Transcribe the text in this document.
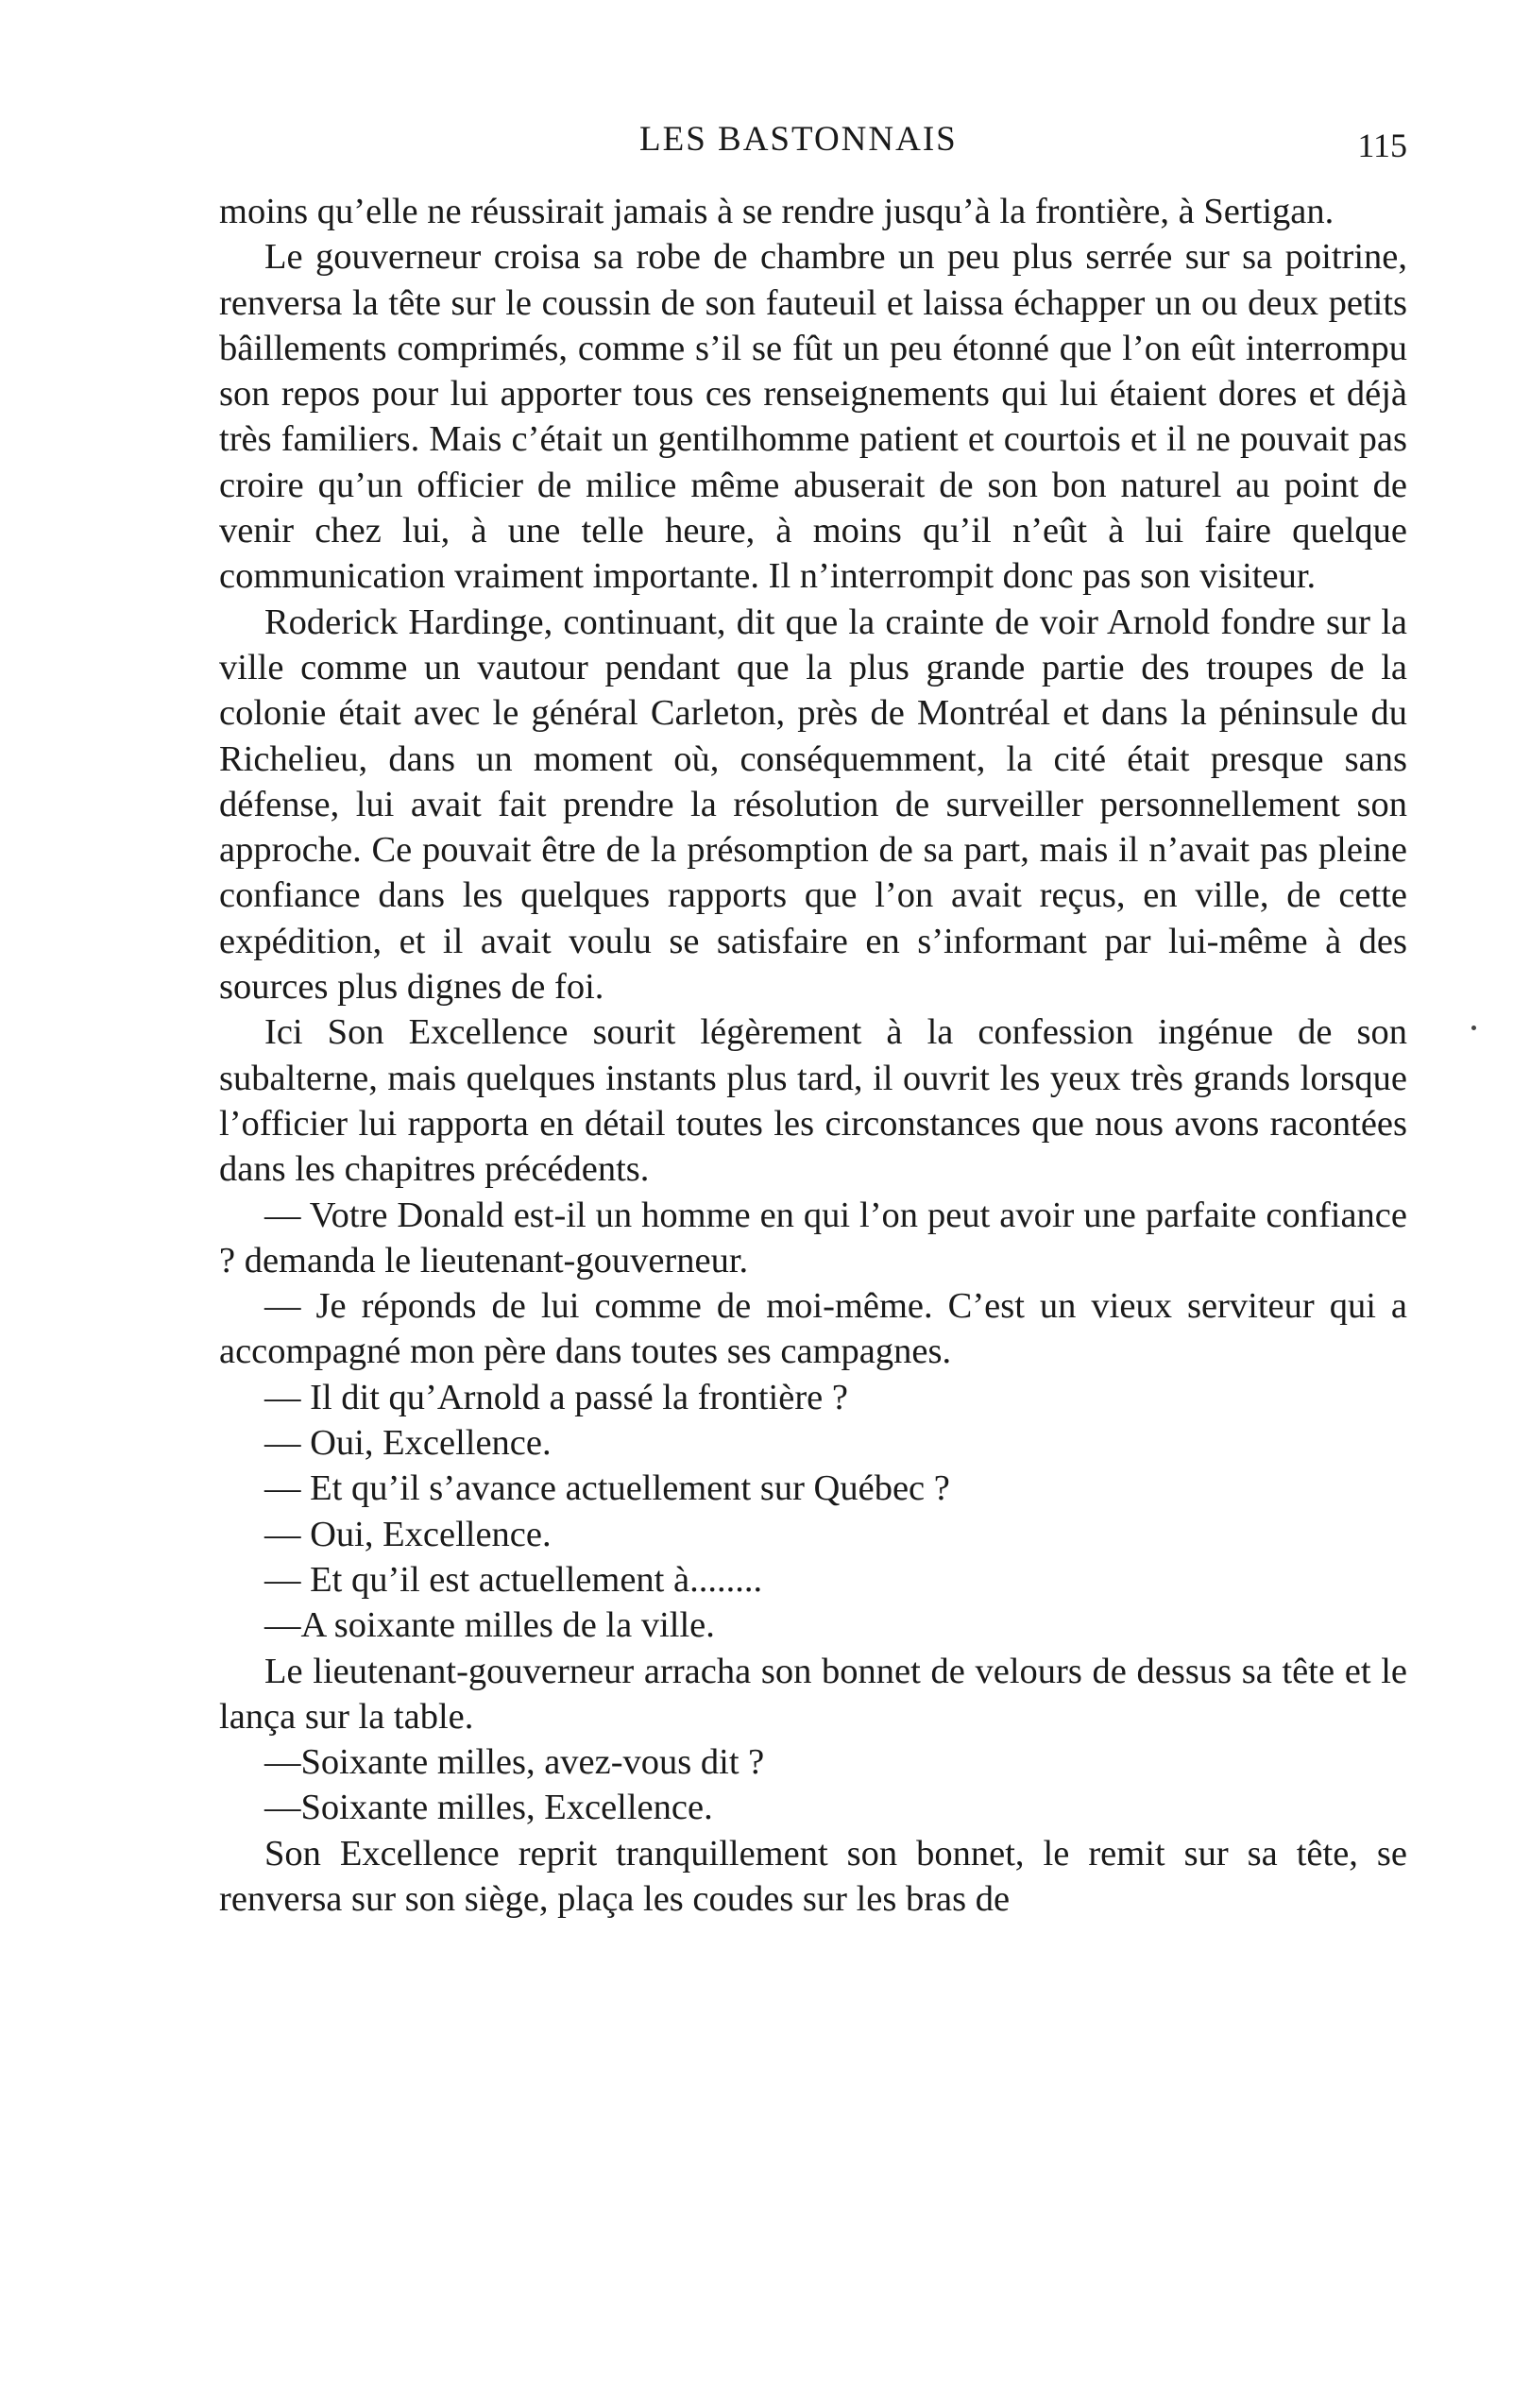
LES BASTONNAIS	115

moins qu’elle ne réussirait jamais à se rendre jusqu’à la frontière, à Sertigan.

Le gouverneur croisa sa robe de chambre un peu plus serrée sur sa poitrine, renversa la tête sur le coussin de son fauteuil et laissa échapper un ou deux petits bâillements comprimés, comme s’il se fût un peu étonné que l’on eût interrompu son repos pour lui apporter tous ces renseignements qui lui étaient dores et déjà très familiers. Mais c’était un gentilhomme patient et courtois et il ne pouvait pas croire qu’un officier de milice même abuserait de son bon naturel au point de venir chez lui, à une telle heure, à moins qu’il n’eût à lui faire quelque communication vraiment importante. Il n’interrompit donc pas son visiteur.

Roderick Hardinge, continuant, dit que la crainte de voir Arnold fondre sur la ville comme un vautour pendant que la plus grande partie des troupes de la colonie était avec le général Carleton, près de Montréal et dans la péninsule du Richelieu, dans un moment où, conséquemment, la cité était presque sans défense, lui avait fait prendre la résolution de surveiller personnellement son approche. Ce pouvait être de la présomption de sa part, mais il n’avait pas pleine confiance dans les quelques rapports que l’on avait reçus, en ville, de cette expédition, et il avait voulu se satisfaire en s’informant par lui-même à des sources plus dignes de foi.

Ici Son Excellence sourit légèrement à la confession ingénue de son subalterne, mais quelques instants plus tard, il ouvrit les yeux très grands lorsque l’officier lui rapporta en détail toutes les circonstances que nous avons racontées dans les chapitres précédents.

— Votre Donald est-il un homme en qui l’on peut avoir une parfaite confiance ? demanda le lieutenant-gouverneur.

— Je réponds de lui comme de moi-même. C’est un vieux serviteur qui a accompagné mon père dans toutes ses campagnes.

— Il dit qu’Arnold a passé la frontière ?

— Oui, Excellence.

— Et qu’il s’avance actuellement sur Québec ?

— Oui, Excellence.

— Et qu’il est actuellement à........

—A soixante milles de la ville.

Le lieutenant-gouverneur arracha son bonnet de velours de dessus sa tête et le lança sur la table.

—Soixante milles, avez-vous dit ?

—Soixante milles, Excellence.

Son Excellence reprit tranquillement son bonnet, le remit sur sa tête, se renversa sur son siège, plaça les coudes sur les bras de
